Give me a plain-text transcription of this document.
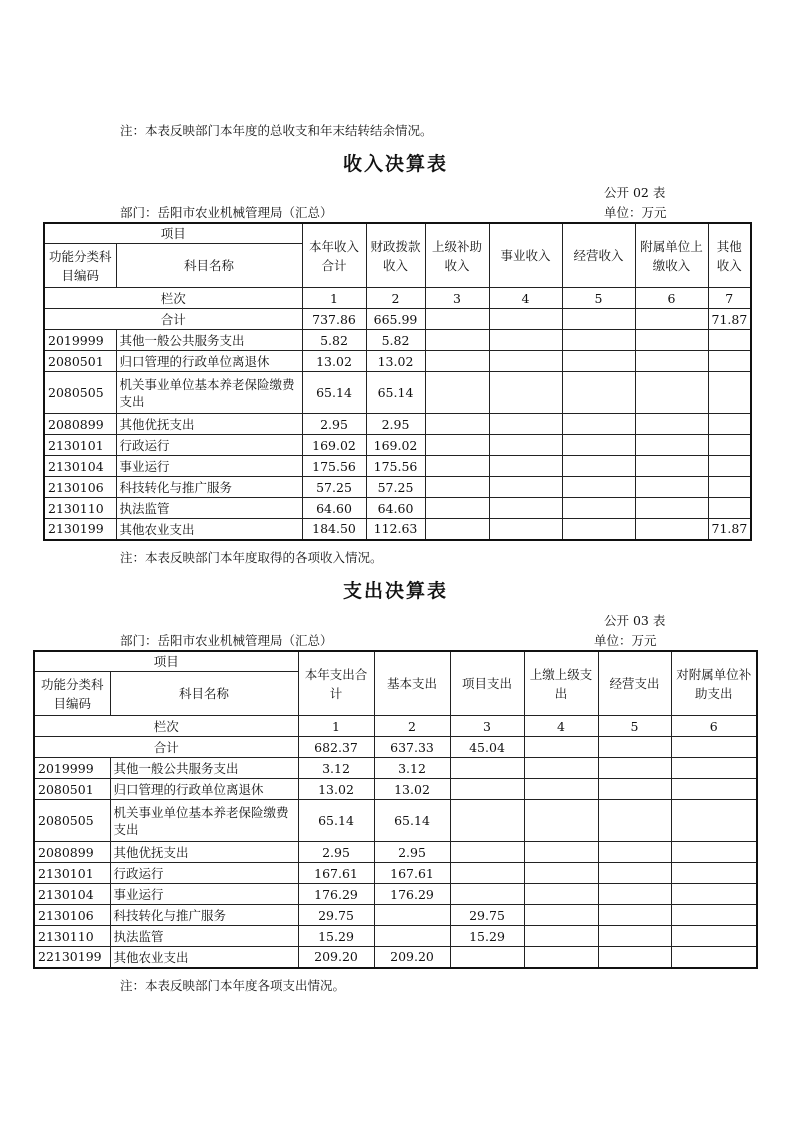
注：本表反映部门本年度的总收支和年末结转结余情况。
收入决算表
公开 02 表
部门：岳阳市农业机械管理局（汇总）	单位：万元
项目		本年收入合计	财政拨款收入	上级补助收入	事业收入	经营收入	附属单位上缴收入	其他收入
功能分类科目编码	科目名称							
栏次		1	2	3	4	5	6	7
合计		737.86	665.99					71.87
2019999	其他一般公共服务支出	5.82	5.82					
2080501	归口管理的行政单位离退休	13.02	13.02					
2080505	机关事业单位基本养老保险缴费支出	65.14	65.14					
2080899	其他优抚支出	2.95	2.95					
2130101	行政运行	169.02	169.02					
2130104	事业运行	175.56	175.56					
2130106	科技转化与推广服务	57.25	57.25					
2130110	执法监管	64.60	64.60					
2130199	其他农业支出	184.50	112.63					71.87
注：本表反映部门本年度取得的各项收入情况。
支出决算表
公开 03 表
部门：岳阳市农业机械管理局（汇总）	单位：万元
项目		本年支出合计	基本支出	项目支出	上缴上级支出	经营支出	对附属单位补助支出
功能分类科目编码	科目名称						
栏次		1	2	3	4	5	6
合计		682.37	637.33	45.04			
2019999	其他一般公共服务支出	3.12	3.12				
2080501	归口管理的行政单位离退休	13.02	13.02				
2080505	机关事业单位基本养老保险缴费支出	65.14	65.14				
2080899	其他优抚支出	2.95	2.95				
2130101	行政运行	167.61	167.61				
2130104	事业运行	176.29	176.29				
2130106	科技转化与推广服务	29.75		29.75			
2130110	执法监管	15.29		15.29			
22130199	其他农业支出	209.20	209.20				
注：本表反映部门本年度各项支出情况。
